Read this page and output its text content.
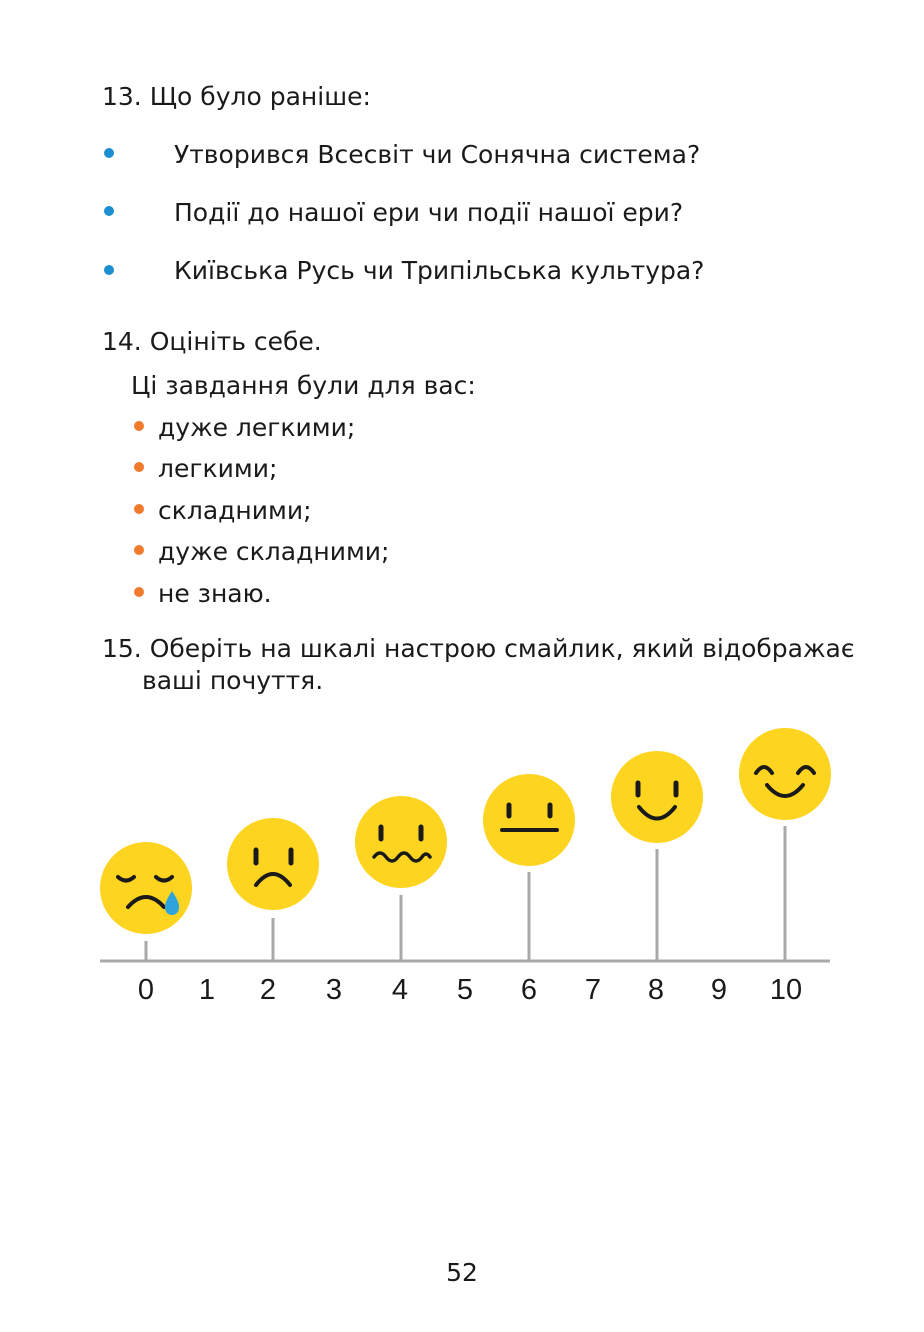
13. Що було раніше:
Утворився Всесвіт чи Сонячна система?
Події до нашої ери чи події нашої ери?
Київська Русь чи Трипільська культура?
14. Оцініть себе.
Ці завдання були для вас:
дуже легкими;
легкими;
складними;
дуже складними;
не знаю.
15. Оберіть на шкалі настрою смайлик, який відображає
ваші почуття.
0 1 2 3 4 5 6 7 8 9 10
52
